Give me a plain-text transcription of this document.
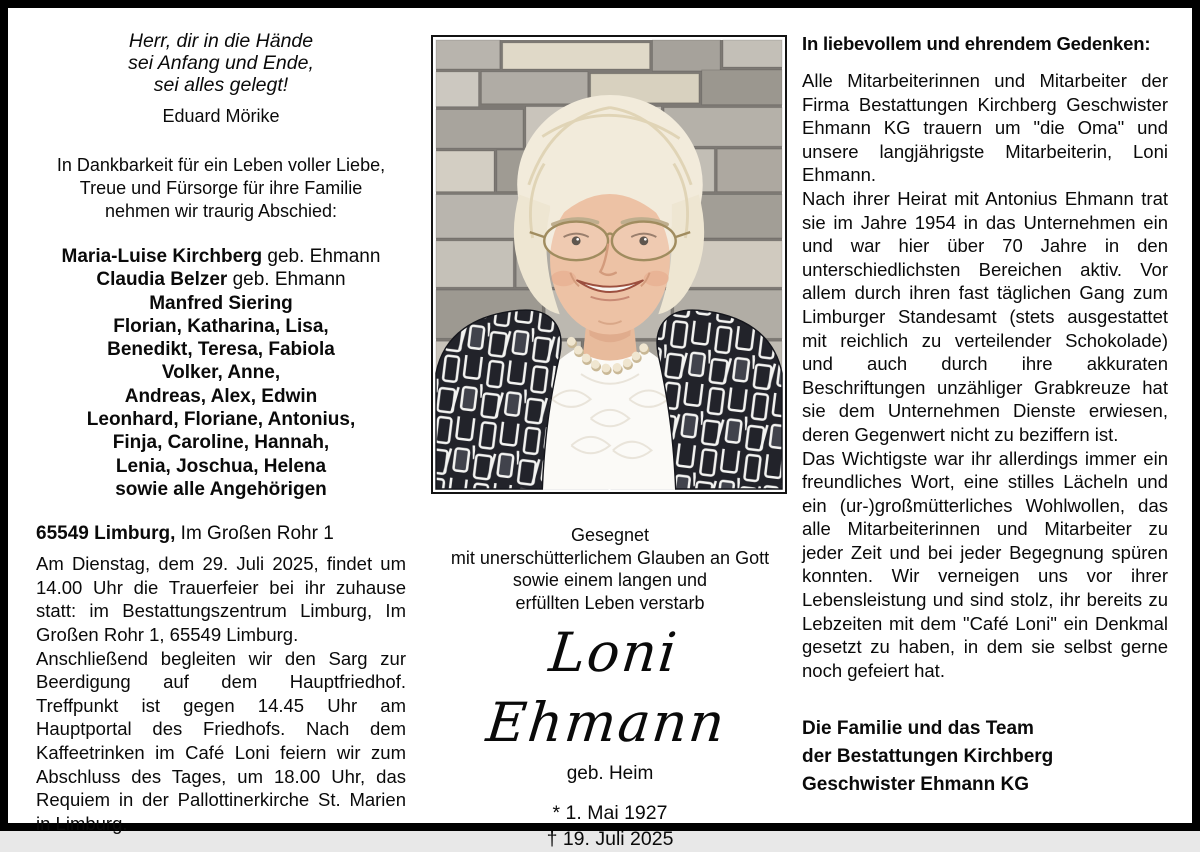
Herr, dir in die Hände
sei Anfang und Ende,
sei alles gelegt!
Eduard Mörike
In Dankbarkeit für ein Leben voller Liebe,
Treue und Fürsorge für ihre Familie
nehmen wir traurig Abschied:
Maria-Luise Kirchberg geb. Ehmann
Claudia Belzer geb. Ehmann
Manfred Siering
Florian, Katharina, Lisa,
Benedikt, Teresa, Fabiola
Volker, Anne,
Andreas, Alex, Edwin
Leonhard, Floriane, Antonius,
Finja, Caroline, Hannah,
Lenia, Joschua, Helena
sowie alle Angehörigen
65549 Limburg, Im Großen Rohr 1

Am Dienstag, dem 29. Juli 2025, findet um 14.00 Uhr die Trauerfeier bei ihr zuhause statt: im Bestattungszentrum Limburg, Im Großen Rohr 1, 65549 Limburg.

Anschließend begleiten wir den Sarg zur Beerdigung auf dem Hauptfriedhof. Treffpunkt ist gegen 14.45 Uhr am Hauptportal des Friedhofs. Nach dem Kaffeetrinken im Café Loni feiern wir zum Abschluss des Tages, um 18.00 Uhr, das Requiem in der Pallottinerkirche St. Marien in Limburg.

Gesegnet
mit unerschütterlichem Glauben an Gott
sowie einem langen und
erfüllten Leben verstarb
Loni Ehmann
geb. Heim
* 1. Mai 1927
† 19. Juli 2025
In liebevollem und ehrendem Gedenken:

Alle Mitarbeiterinnen und Mitarbeiter der Firma Bestattungen Kirchberg Geschwister Ehmann KG trauern um "die Oma" und unsere langjährigste Mitarbeiterin, Loni Ehmann.

Nach ihrer Heirat mit Antonius Ehmann trat sie im Jahre 1954 in das Unternehmen ein und war hier über 70 Jahre in den unterschiedlichsten Bereichen aktiv. Vor allem durch ihren fast täglichen Gang zum Limburger Standesamt (stets ausgestattet mit reichlich zu verteilender Schokolade) und auch durch ihre akkuraten Beschriftungen unzähliger Grabkreuze hat sie dem Unternehmen Dienste erwiesen, deren Gegenwert nicht zu beziffern ist.

Das Wichtigste war ihr allerdings immer ein freundliches Wort, eine stilles Lächeln und ein (ur-)großmütterliches Wohlwollen, das alle Mitarbeiterinnen und Mitarbeiter zu jeder Zeit und bei jeder Begegnung spüren konnten. Wir verneigen uns vor ihrer Lebensleistung und sind stolz, ihr bereits zu Lebzeiten mit dem "Café Loni" ein Denkmal gesetzt zu haben, in dem sie selbst gerne noch gefeiert hat.

Die Familie und das Team
der Bestattungen Kirchberg
Geschwister Ehmann KG
